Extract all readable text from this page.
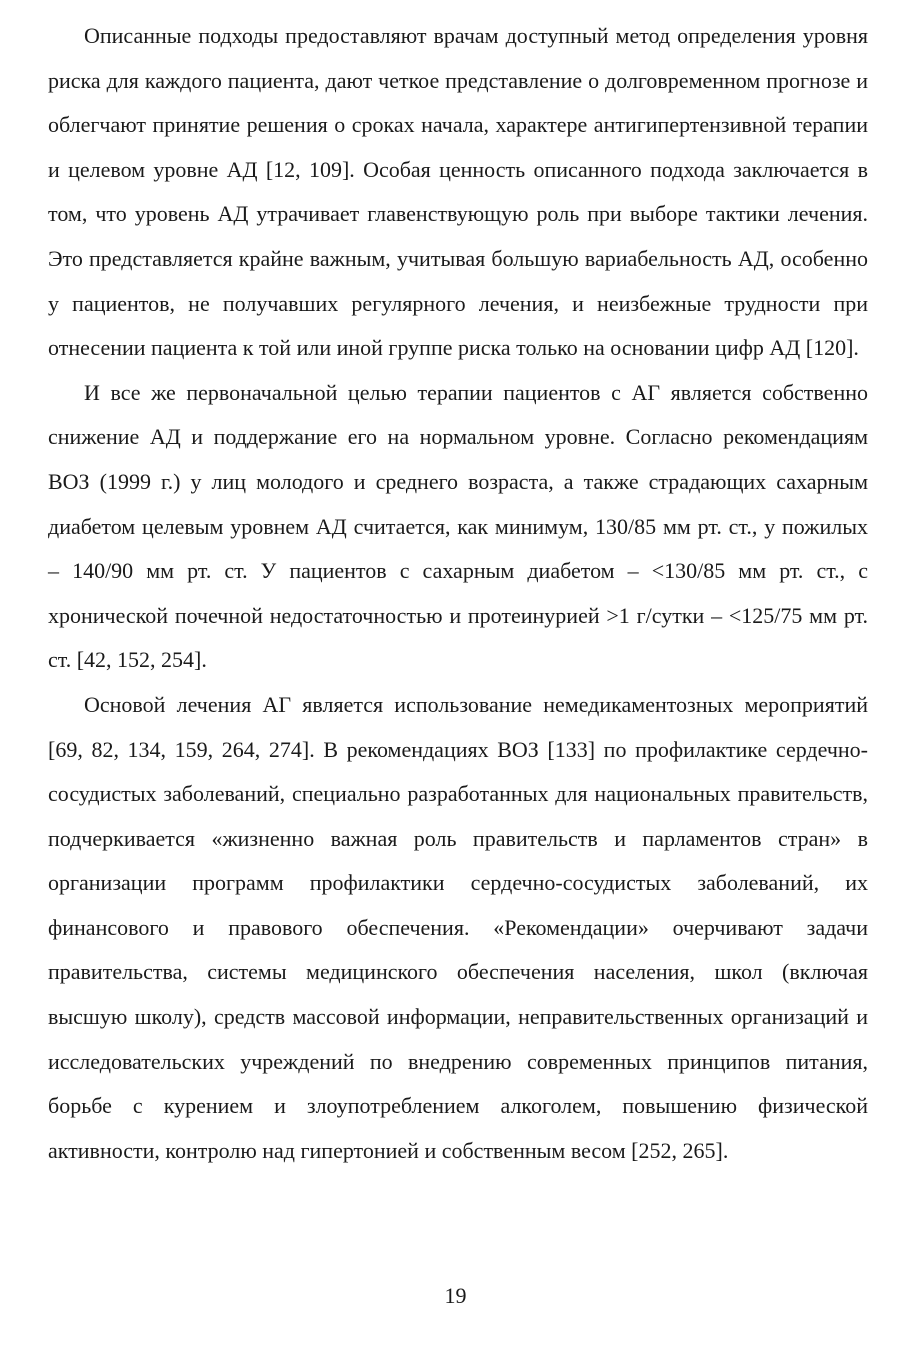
Описанные подходы предоставляют врачам доступный метод определения уровня риска для каждого пациента, дают четкое представление о долговременном прогнозе и облегчают принятие решения о сроках начала, характере антигипертензивной терапии и целевом уровне АД [12, 109]. Особая ценность описанного подхода заключается в том, что уровень АД утрачивает главенствующую роль при выборе тактики лечения. Это представляется крайне важным, учитывая большую вариабельность АД, особенно у пациентов, не получавших регулярного лечения, и неизбежные трудности при отнесении пациента к той или иной группе риска только на основании цифр АД [120].

И все же первоначальной целью терапии пациентов с АГ является собственно снижение АД и поддержание его на нормальном уровне. Согласно рекомендациям ВОЗ (1999 г.) у лиц молодого и среднего возраста, а также страдающих сахарным диабетом целевым уровнем АД считается, как минимум, 130/85 мм рт. ст., у пожилых – 140/90 мм рт. ст. У пациентов с сахарным диабетом – <130/85 мм рт. ст., с хронической почечной недостаточностью и протеинурией >1 г/сутки – <125/75 мм рт. ст. [42, 152, 254].

Основой лечения АГ является использование немедикаментозных мероприятий [69, 82, 134, 159, 264, 274]. В рекомендациях ВОЗ [133] по профилактике сердечно-сосудистых заболеваний, специально разработанных для национальных правительств, подчеркивается «жизненно важная роль правительств и парламентов стран» в организации программ профилактики сердечно-сосудистых заболеваний, их финансового и правового обеспечения. «Рекомендации» очерчивают задачи правительства, системы медицинского обеспечения населения, школ (включая высшую школу), средств массовой информации, неправительственных организаций и исследовательских учреждений по внедрению современных принципов питания, борьбе с курением и злоупотреблением алкоголем, повышению физической активности, контролю над гипертонией и собственным весом [252, 265].

19
